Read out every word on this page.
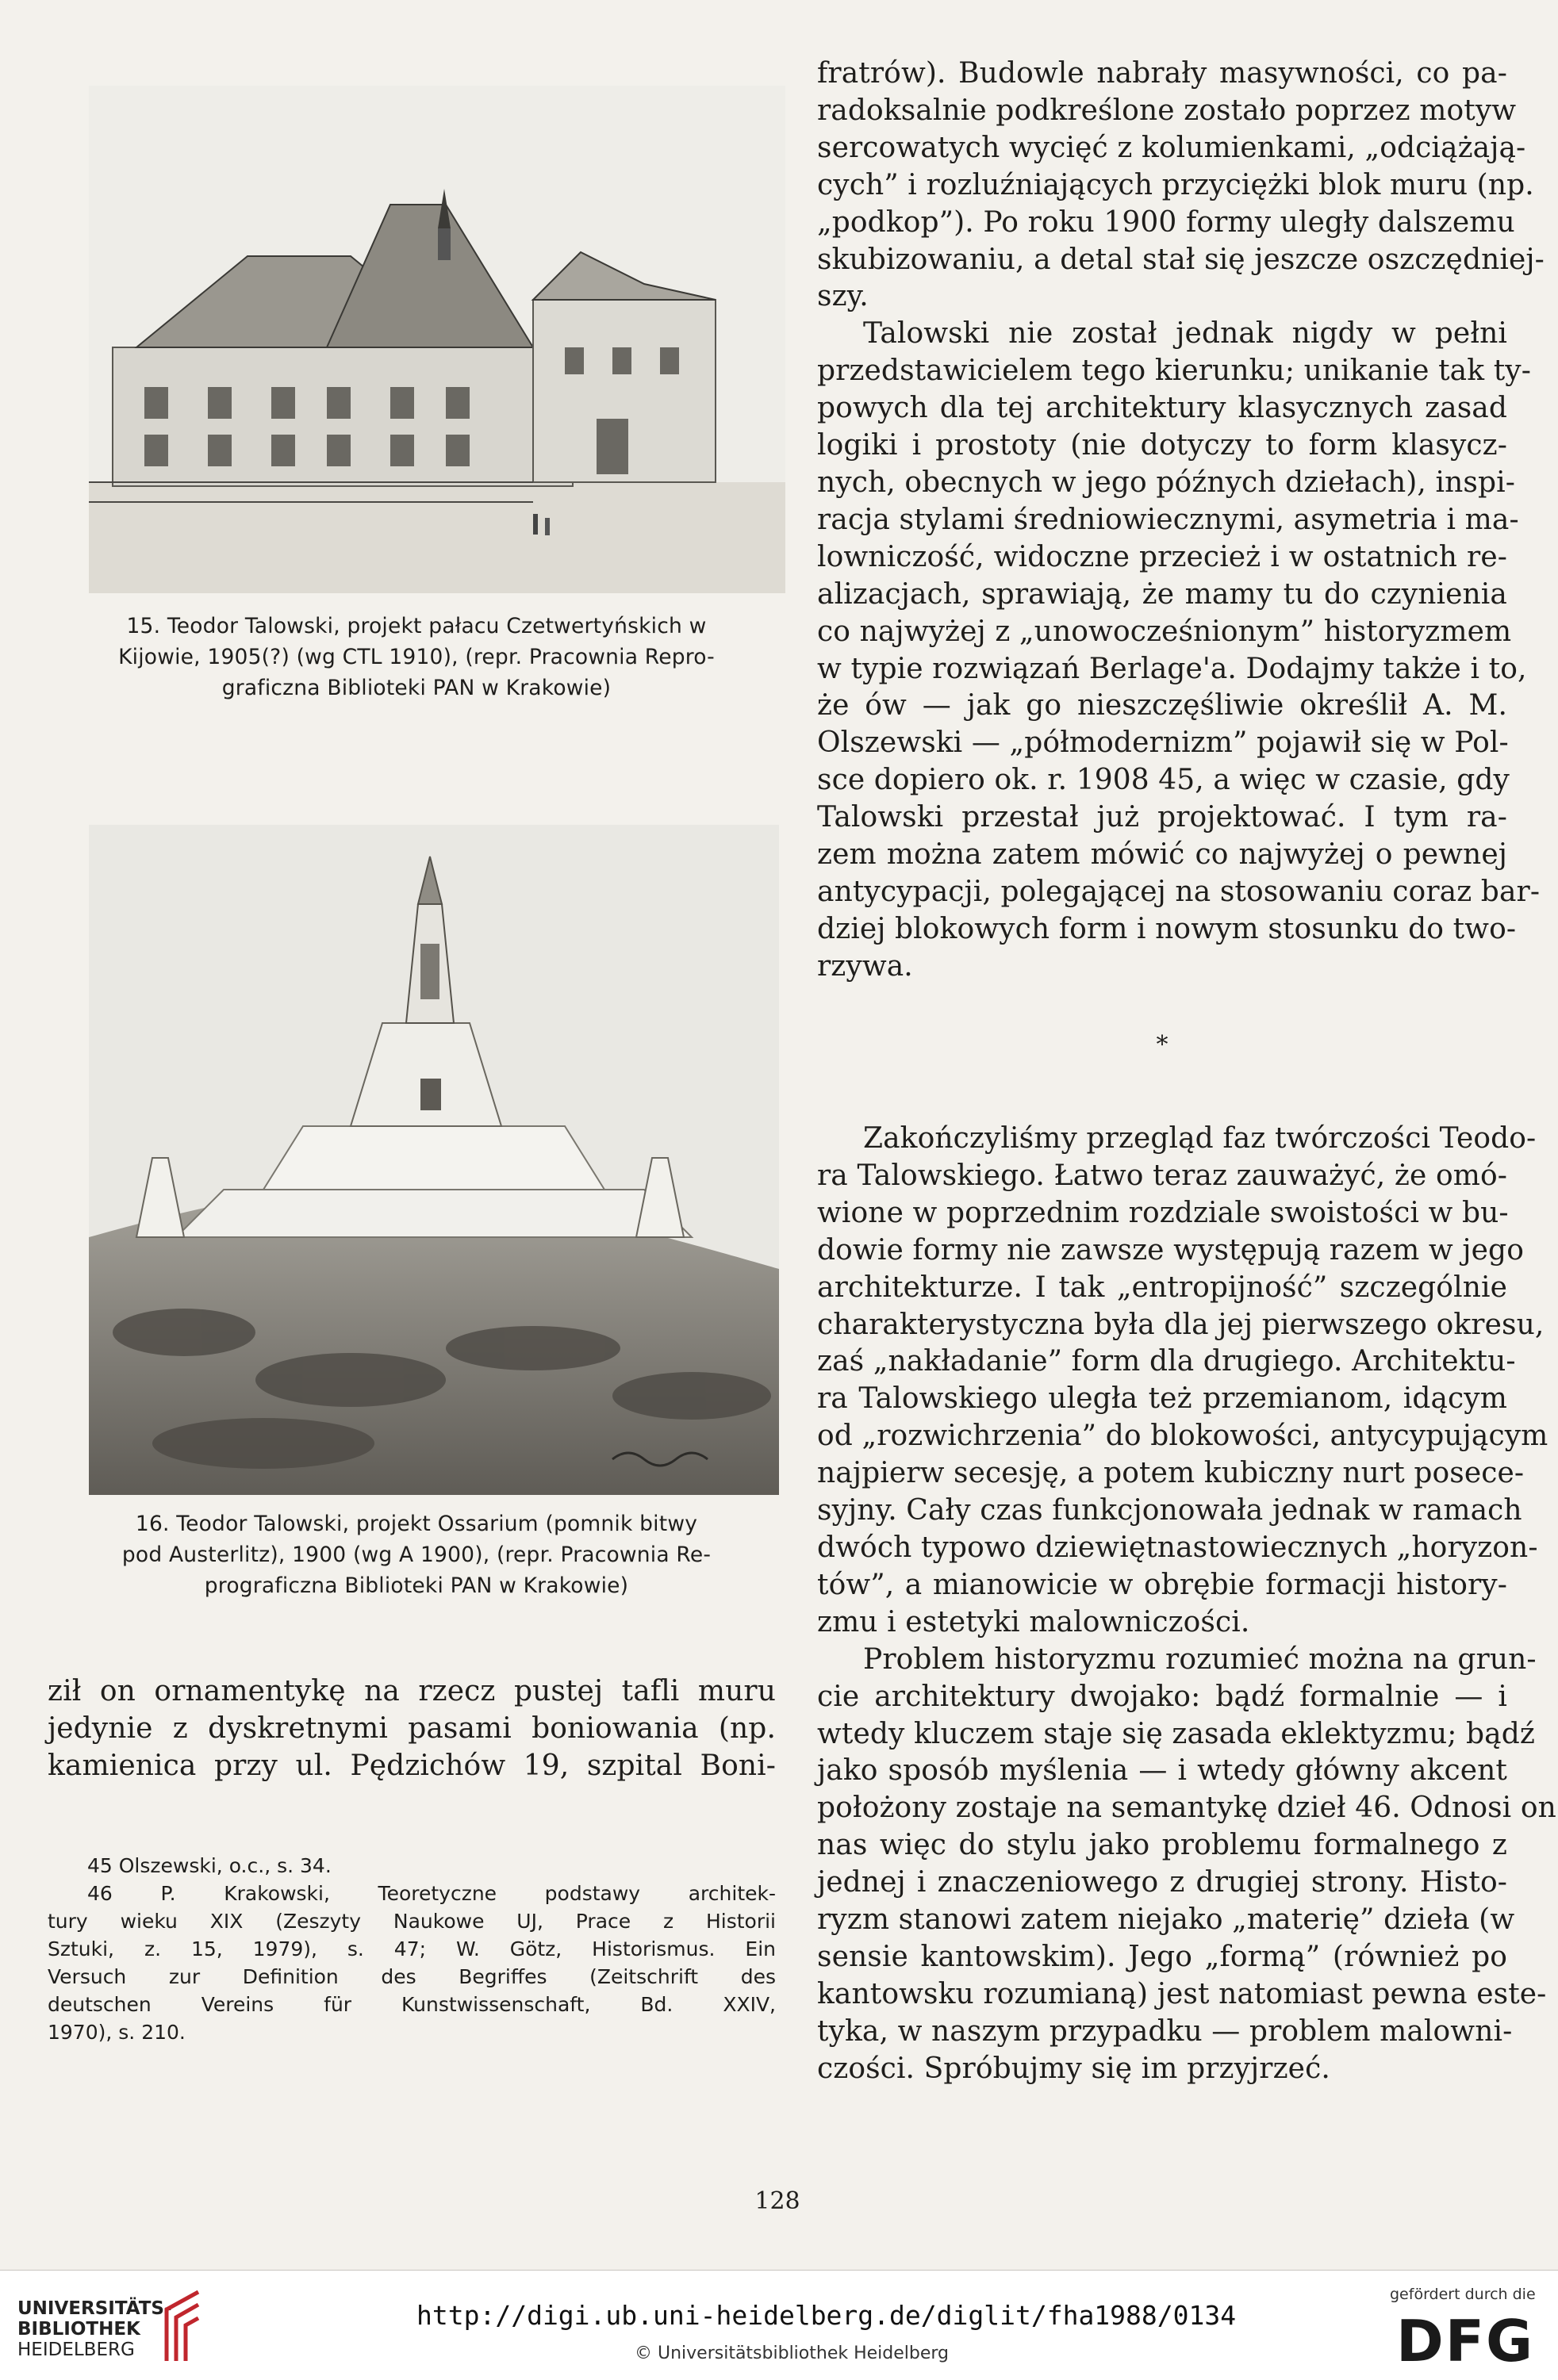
15. Teodor Talowski, projekt pałacu Czetwertyńskich w
Kijowie, 1905(?) (wg CTL 1910), (repr. Pracownia Repro-
graficzna Biblioteki PAN w Krakowie)
16. Teodor Talowski, projekt Ossarium (pomnik bitwy
pod Austerlitz), 1900 (wg A 1900), (repr. Pracownia Re-
prograficzna Biblioteki PAN w Krakowie)
ził on ornamentykę na rzecz pustej tafli muru
jedynie z dyskretnymi pasami boniowania (np.
kamienica przy ul. Pędzichów 19, szpital Boni-
45 Olszewski, o.c., s. 34.
46 P. Krakowski, Teoretyczne podstawy architek-
tury wieku XIX (Zeszyty Naukowe UJ, Prace z Historii
Sztuki, z. 15, 1979), s. 47; W. Götz, Historismus. Ein
Versuch zur Definition des Begriffes (Zeitschrift des
deutschen Vereins für Kunstwissenschaft, Bd. XXIV,
1970), s. 210.
fratrów). Budowle nabrały masywności, co pa-
radoksalnie podkreślone zostało poprzez motyw
sercowatych wycięć z kolumienkami, „odciążają-
cych” i rozluźniających przyciężki blok muru (np.
„podkop”). Po roku 1900 formy uległy dalszemu
skubizowaniu, a detal stał się jeszcze oszczędniej-
szy.
Talowski nie został jednak nigdy w pełni
przedstawicielem tego kierunku; unikanie tak ty-
powych dla tej architektury klasycznych zasad
logiki i prostoty (nie dotyczy to form klasycz-
nych, obecnych w jego późnych dziełach), inspi-
racja stylami średniowiecznymi, asymetria i ma-
lowniczość, widoczne przecież i w ostatnich re-
alizacjach, sprawiają, że mamy tu do czynienia
co najwyżej z „unowocześnionym” historyzmem
w typie rozwiązań Berlage'a. Dodajmy także i to,
że ów — jak go nieszczęśliwie określił A. M.
Olszewski — „półmodernizm” pojawił się w Pol-
sce dopiero ok. r. 1908 45, a więc w czasie, gdy
Talowski przestał już projektować. I tym ra-
zem można zatem mówić co najwyżej o pewnej
antycypacji, polegającej na stosowaniu coraz bar-
dziej blokowych form i nowym stosunku do two-
rzywa.
*
Zakończyliśmy przegląd faz twórczości Teodo-
ra Talowskiego. Łatwo teraz zauważyć, że omó-
wione w poprzednim rozdziale swoistości w bu-
dowie formy nie zawsze występują razem w jego
architekturze. I tak „entropijność” szczególnie
charakterystyczna była dla jej pierwszego okresu,
zaś „nakładanie” form dla drugiego. Architektu-
ra Talowskiego uległa też przemianom, idącym
od „rozwichrzenia” do blokowości, antycypującym
najpierw secesję, a potem kubiczny nurt posece-
syjny. Cały czas funkcjonowała jednak w ramach
dwóch typowo dziewiętnastowiecznych „horyzon-
tów”, a mianowicie w obrębie formacji history-
zmu i estetyki malowniczości.
Problem historyzmu rozumieć można na grun-
cie architektury dwojako: bądź formalnie — i
wtedy kluczem staje się zasada eklektyzmu; bądź
jako sposób myślenia — i wtedy główny akcent
położony zostaje na semantykę dzieł 46. Odnosi on
nas więc do stylu jako problemu formalnego z
jednej i znaczeniowego z drugiej strony. Histo-
ryzm stanowi zatem niejako „materię” dzieła (w
sensie kantowskim). Jego „formą” (również po
kantowsku rozumianą) jest natomiast pewna este-
tyka, w naszym przypadku — problem malowni-
czości. Spróbujmy się im przyjrzeć.
128
UNIVERSITÄTS-
BIBLIOTHEK
HEIDELBERG
http://digi.ub.uni-heidelberg.de/diglit/fha1988/0134
© Universitätsbibliothek Heidelberg
gefördert durch die
DFG
